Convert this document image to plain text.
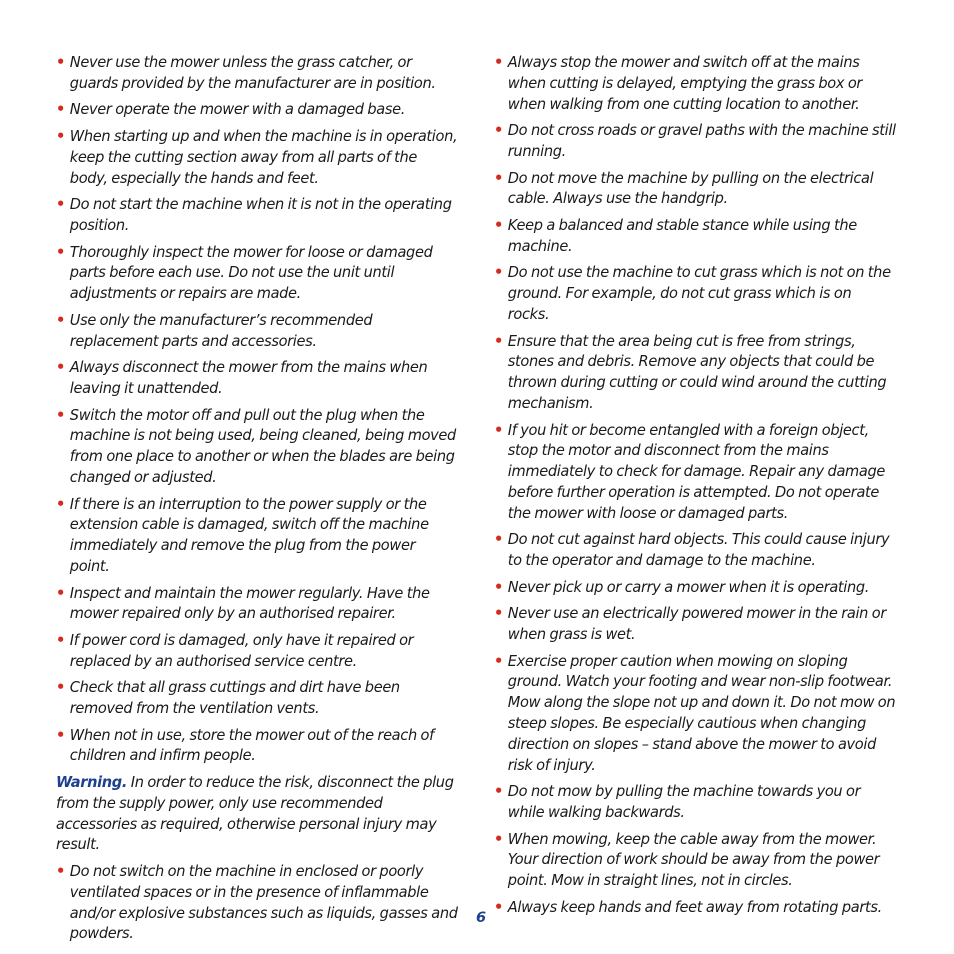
• Never use the mower unless the grass catcher, or guards provided by the manufacturer are in position.
• Never operate the mower with a damaged base.
• When starting up and when the machine is in operation, keep the cutting section away from all parts of the body, especially the hands and feet.
• Do not start the machine when it is not in the operating position.
• Thoroughly inspect the mower for loose or damaged parts before each use. Do not use the unit until adjustments or repairs are made.
• Use only the manufacturer’s recommended replacement parts and accessories.
• Always disconnect the mower from the mains when leaving it unattended.
• Switch the motor off and pull out the plug when the machine is not being used, being cleaned, being moved from one place to another or when the blades are being changed or adjusted.
• If there is an interruption to the power supply or the extension cable is damaged, switch off the machine immediately and remove the plug from the power point.
• Inspect and maintain the mower regularly. Have the mower repaired only by an authorised repairer.
• If power cord is damaged, only have it repaired or replaced by an authorised service centre.
• Check that all grass cuttings and dirt have been removed from the ventilation vents.
• When not in use, store the mower out of the reach of children and infirm people.
Warning. In order to reduce the risk, disconnect the plug from the supply power, only use recommended accessories as required, otherwise personal injury may result.
• Do not switch on the machine in enclosed or poorly ventilated spaces or in the presence of inflammable and/or explosive substances such as liquids, gasses and powders.
• Always stop the mower and switch off at the mains when cutting is delayed, emptying the grass box or when walking from one cutting location to another.
• Do not cross roads or gravel paths with the machine still running.
• Do not move the machine by pulling on the electrical cable. Always use the handgrip.
• Keep a balanced and stable stance while using the machine.
• Do not use the machine to cut grass which is not on the ground. For example, do not cut grass which is on rocks.
• Ensure that the area being cut is free from strings, stones and debris. Remove any objects that could be thrown during cutting or could wind around the cutting mechanism.
• If you hit or become entangled with a foreign object, stop the motor and disconnect from the mains immediately to check for damage. Repair any damage before further operation is attempted. Do not operate the mower with loose or damaged parts.
• Do not cut against hard objects. This could cause injury to the operator and damage to the machine.
• Never pick up or carry a mower when it is operating.
• Never use an electrically powered mower in the rain or when grass is wet.
• Exercise proper caution when mowing on sloping ground. Watch your footing and wear non-slip footwear. Mow along the slope not up and down it. Do not mow on steep slopes. Be especially cautious when changing direction on slopes – stand above the mower to avoid risk of injury.
• Do not mow by pulling the machine towards you or while walking backwards.
• When mowing, keep the cable away from the mower. Your direction of work should be away from the power point. Mow in straight lines, not in circles.
• Always keep hands and feet away from rotating parts.
6
